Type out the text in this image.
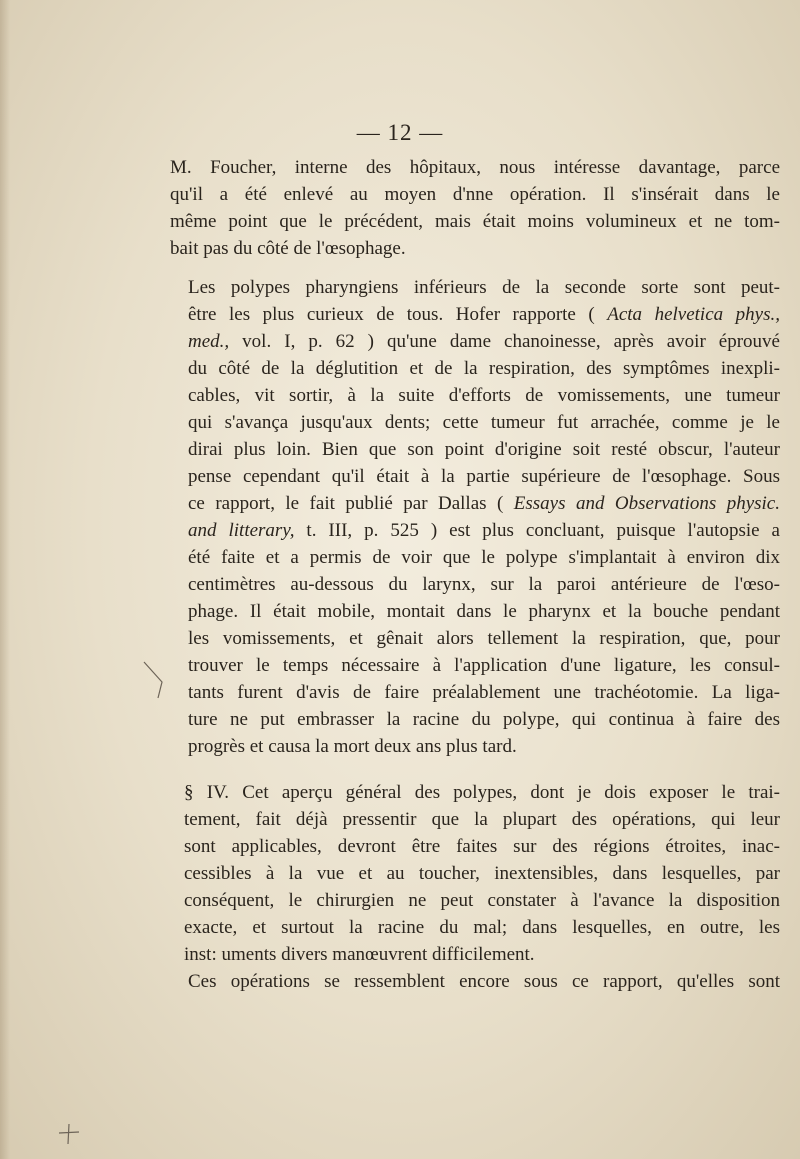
— 12 —
M. Foucher, interne des hôpitaux, nous intéresse davantage, parce
qu'il a été enlevé au moyen d'nne opération. Il s'insérait dans le
même point que le précédent, mais était moins volumineux et ne tom-
bait pas du côté de l'œsophage.
Les polypes pharyngiens inférieurs de la seconde sorte sont peut-
être les plus curieux de tous. Hofer rapporte ( Acta helvetica phys.,
med., vol. I, p. 62 ) qu'une dame chanoinesse, après avoir éprouvé
du côté de la déglutition et de la respiration, des symptômes inexpli-
cables, vit sortir, à la suite d'efforts de vomissements, une tumeur
qui s'avança jusqu'aux dents; cette tumeur fut arrachée, comme je le
dirai plus loin. Bien que son point d'origine soit resté obscur, l'auteur
pense cependant qu'il était à la partie supérieure de l'œsophage. Sous
ce rapport, le fait publié par Dallas ( Essays and Observations physic.
and litterary, t. III, p. 525 ) est plus concluant, puisque l'autopsie a
été faite et a permis de voir que le polype s'implantait à environ dix
centimètres au-dessous du larynx, sur la paroi antérieure de l'œso-
phage. Il était mobile, montait dans le pharynx et la bouche pendant
les vomissements, et gênait alors tellement la respiration, que, pour
trouver le temps nécessaire à l'application d'une ligature, les consul-
tants furent d'avis de faire préalablement une trachéotomie. La liga-
ture ne put embrasser la racine du polype, qui continua à faire des
progrès et causa la mort deux ans plus tard.
§ IV. Cet aperçu général des polypes, dont je dois exposer le trai-
tement, fait déjà pressentir que la plupart des opérations, qui leur
sont applicables, devront être faites sur des régions étroites, inac-
cessibles à la vue et au toucher, inextensibles, dans lesquelles, par
conséquent, le chirurgien ne peut constater à l'avance la disposition
exacte, et surtout la racine du mal; dans lesquelles, en outre, les
inst: uments divers manœuvrent difficilement.
Ces opérations se ressemblent encore sous ce rapport, qu'elles sont
